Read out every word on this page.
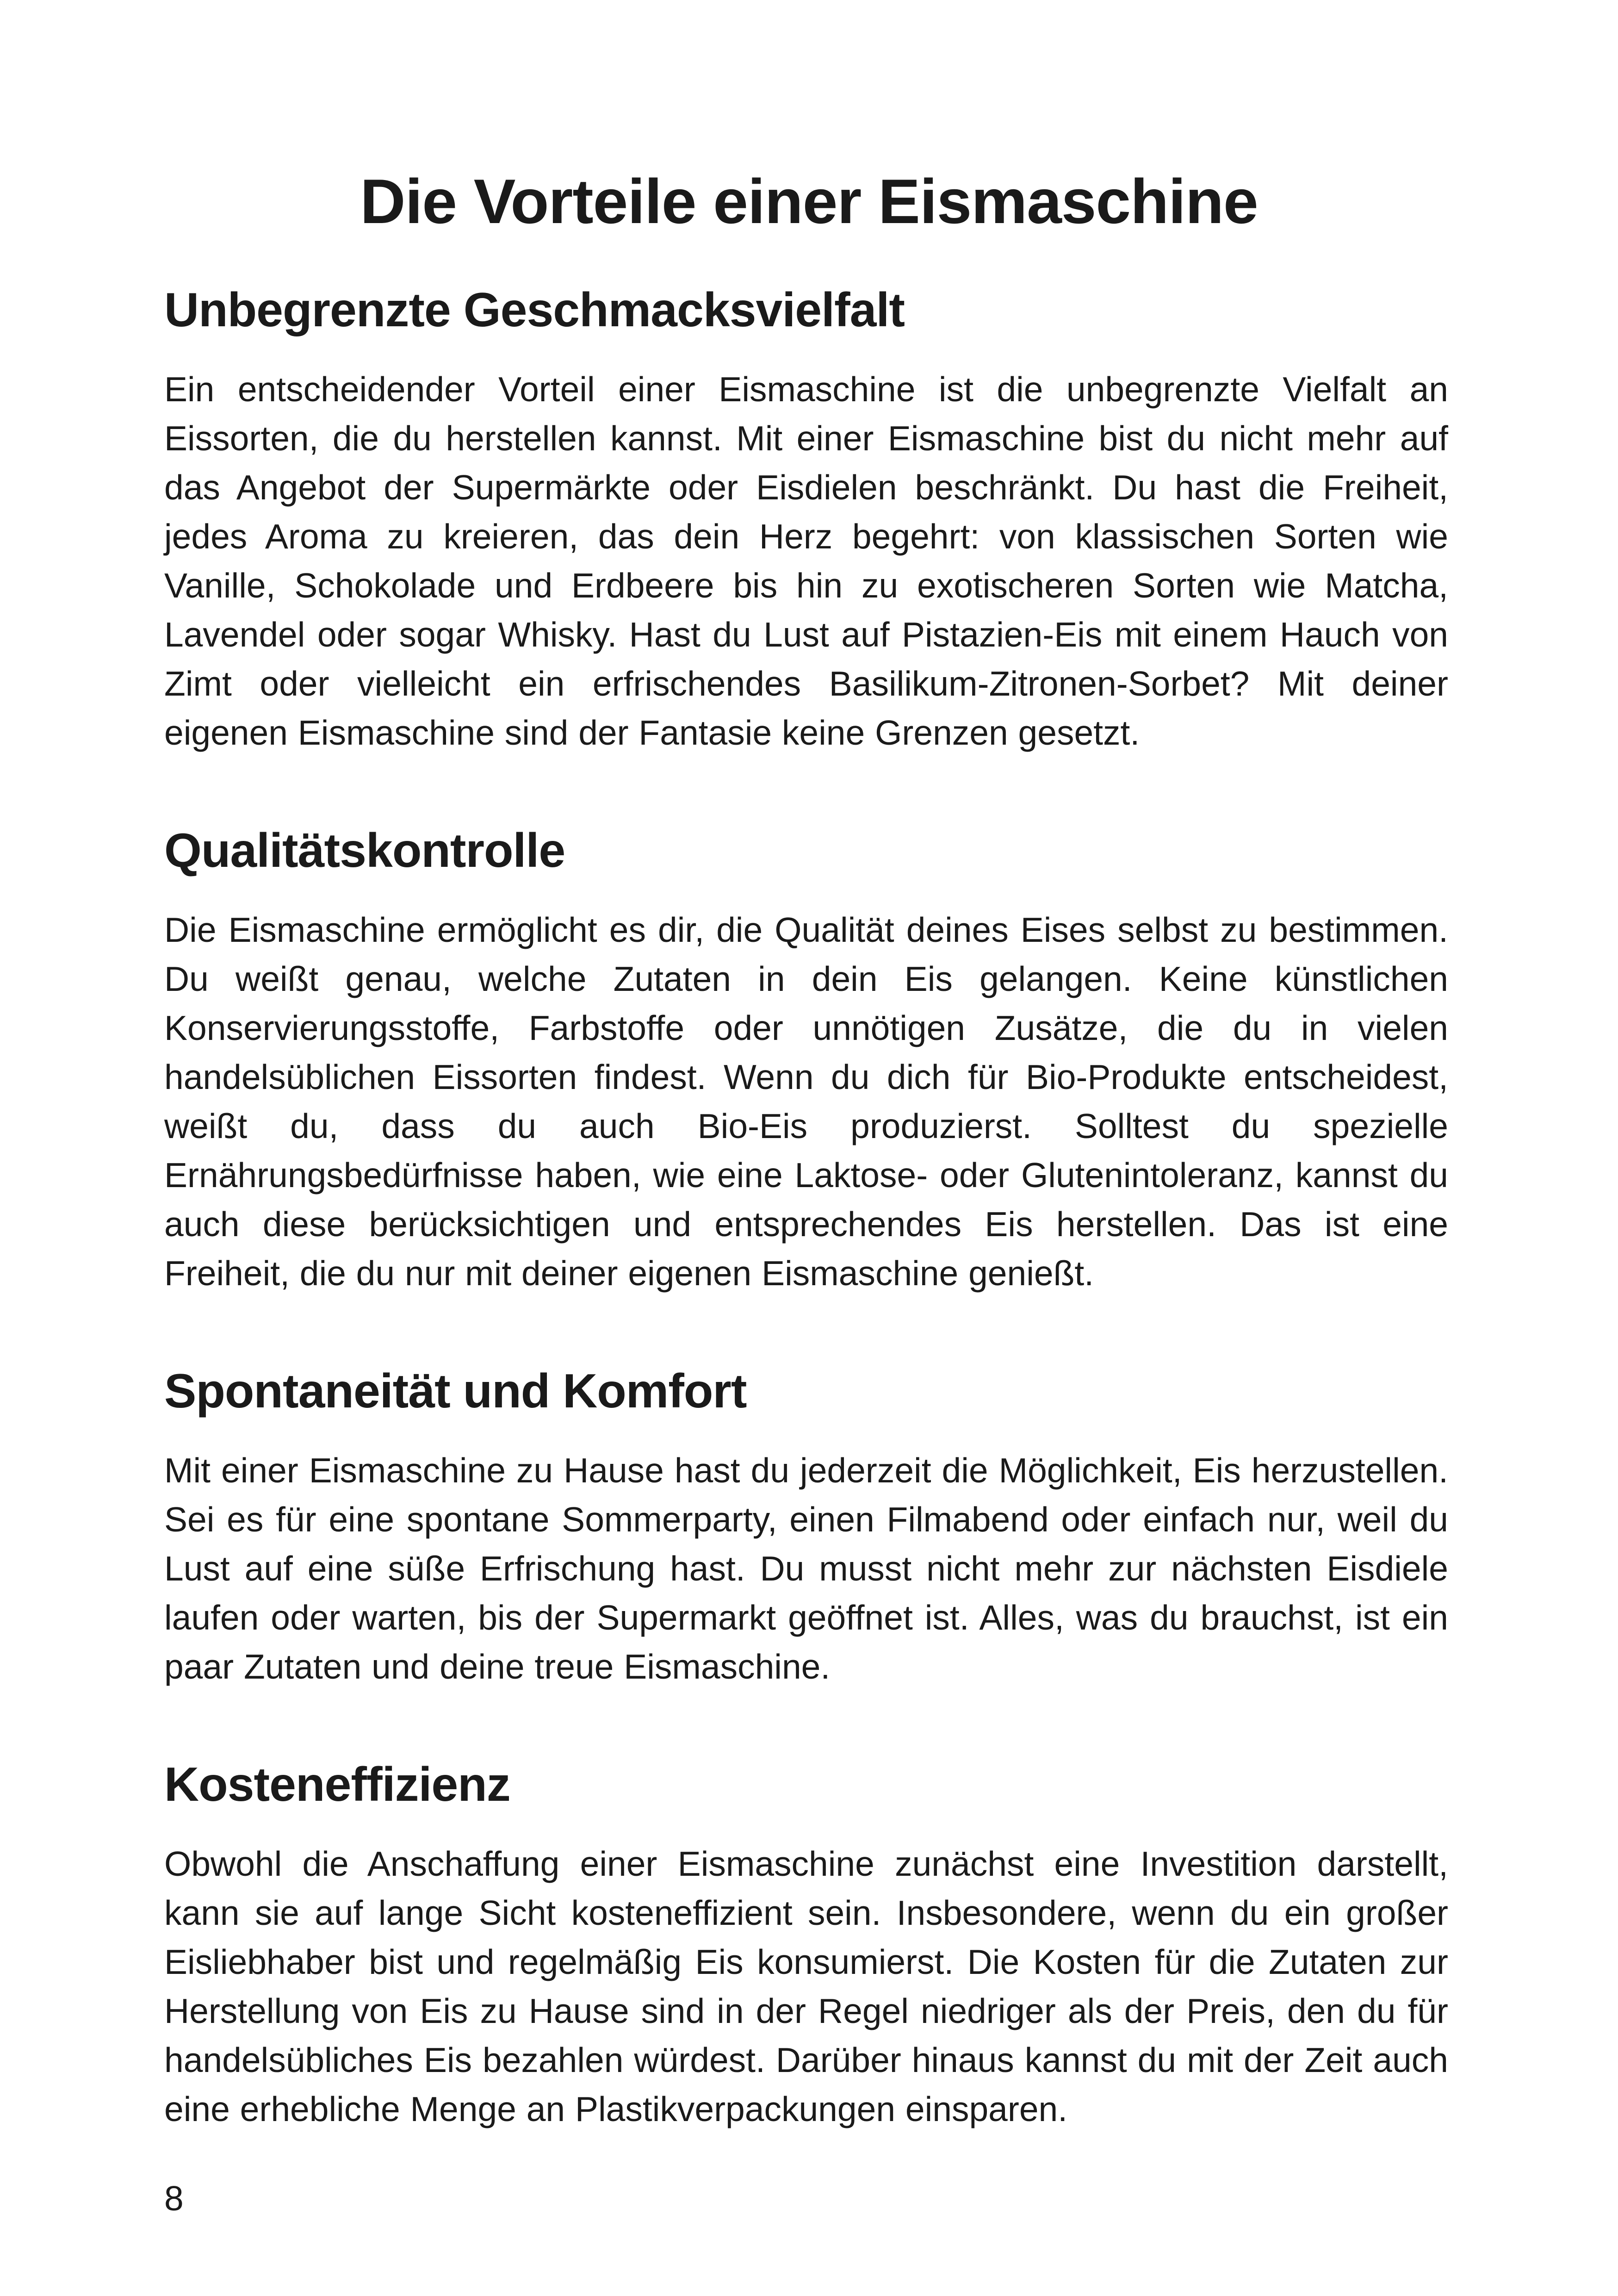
Die Vorteile einer Eismaschine
Unbegrenzte Geschmacksvielfalt

Ein entscheidender Vorteil einer Eismaschine ist die unbegrenzte Vielfalt an Eissorten, die du herstellen kannst. Mit einer Eismaschine bist du nicht mehr auf das Angebot der Supermärkte oder Eisdielen beschränkt. Du hast die Freiheit, jedes Aroma zu kreieren, das dein Herz begehrt: von klassischen Sorten wie Vanille, Schokolade und Erdbeere bis hin zu exotischeren Sorten wie Matcha, Lavendel oder sogar Whisky. Hast du Lust auf Pistazien-Eis mit einem Hauch von Zimt oder vielleicht ein erfrischendes Basilikum-Zitronen-Sorbet? Mit deiner eigenen Eismaschine sind der Fantasie keine Grenzen gesetzt.

Qualitätskontrolle

Die Eismaschine ermöglicht es dir, die Qualität deines Eises selbst zu bestimmen. Du weißt genau, welche Zutaten in dein Eis gelangen. Keine künstlichen Konservierungsstoffe, Farbstoffe oder unnötigen Zusätze, die du in vielen handelsüblichen Eissorten findest. Wenn du dich für Bio-Produkte entscheidest, weißt du, dass du auch Bio-Eis produzierst. Solltest du spezielle Ernährungsbedürfnisse haben, wie eine Laktose- oder Glutenintoleranz, kannst du auch diese berücksichtigen und entsprechendes Eis herstellen. Das ist eine Freiheit, die du nur mit deiner eigenen Eismaschine genießt.

Spontaneität und Komfort

Mit einer Eismaschine zu Hause hast du jederzeit die Möglichkeit, Eis herzustellen. Sei es für eine spontane Sommerparty, einen Filmabend oder einfach nur, weil du Lust auf eine süße Erfrischung hast. Du musst nicht mehr zur nächsten Eisdiele laufen oder warten, bis der Supermarkt geöffnet ist. Alles, was du brauchst, ist ein paar Zutaten und deine treue Eismaschine.

Kosteneffizienz

Obwohl die Anschaffung einer Eismaschine zunächst eine Investition darstellt, kann sie auf lange Sicht kosteneffizient sein. Insbesondere, wenn du ein großer Eisliebhaber bist und regelmäßig Eis konsumierst. Die Kosten für die Zutaten zur Herstellung von Eis zu Hause sind in der Regel niedriger als der Preis, den du für handelsübliches Eis bezahlen würdest. Darüber hinaus kannst du mit der Zeit auch eine erhebliche Menge an Plastikverpackungen einsparen.

8
